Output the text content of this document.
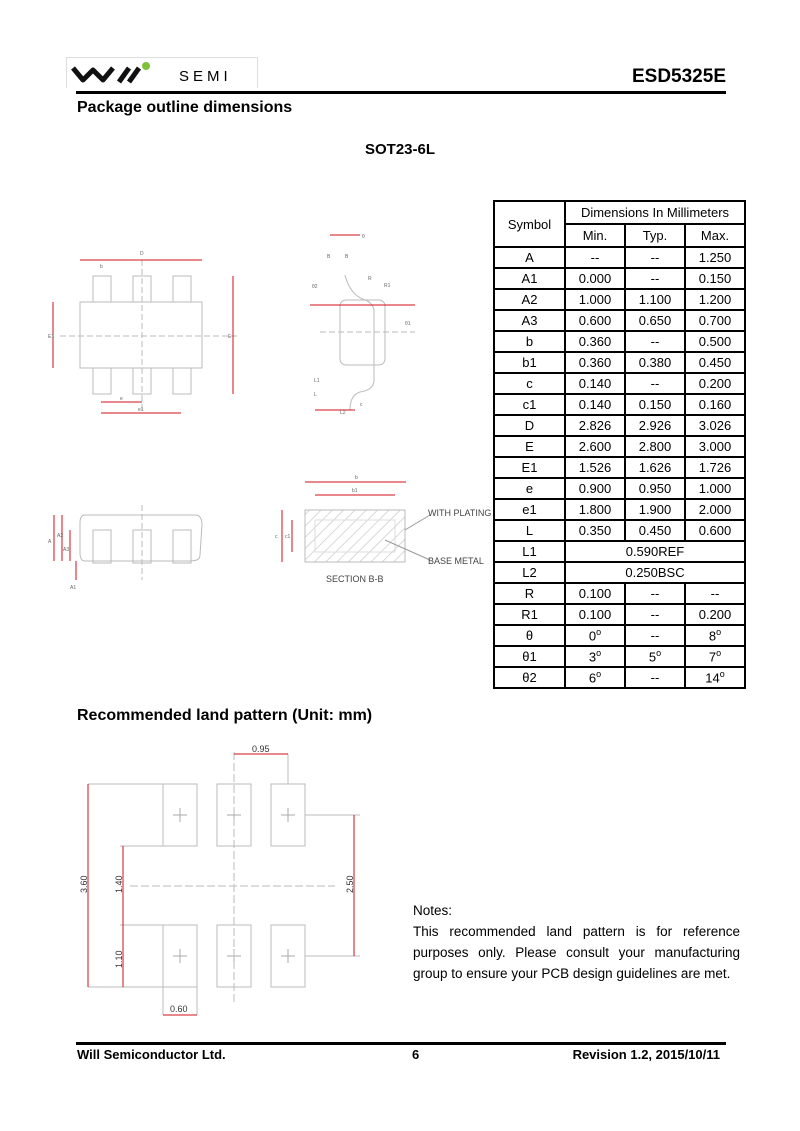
SEMI	ESD5325E
Package outline dimensions
SOT23-6L
D
b
E1	E
e
e1
θ
B	B
R
R1
θ2
θ1
L1
L
L2
c
A
A2
A3
A1
b
b1
c c1
WITH PLATING
BASE METAL
SECTION B-B
Symbol	Dimensions In Millimeters		
	Min.	Typ.	Max.
A	--	--	1.250
A1	0.000	--	0.150
A2	1.000	1.100	1.200
A3	0.600	0.650	0.700
b	0.360	--	0.500
b1	0.360	0.380	0.450
c	0.140	--	0.200
c1	0.140	0.150	0.160
D	2.826	2.926	3.026
E	2.600	2.800	3.000
E1	1.526	1.626	1.726
e	0.900	0.950	1.000
e1	1.800	1.900	2.000
L	0.350	0.450	0.600
L1	0.590REF		
L2	0.250BSC		
R	0.100	--	--
R1	0.100	--	0.200
θ	0$^o$	--	8$^o$
θ1	3$^o$	5$^o$	7$^o$
θ2	6$^o$	--	14$^o$
Recommended land pattern (Unit: mm)
0.95
0.60
3.60	1.40
1.10
2.50
Notes:
This recommended land pattern is for reference purposes only. Please consult your manufacturing group to ensure your PCB design guidelines are met.
Will Semiconductor Ltd.	6	Revision 1.2, 2015/10/11
